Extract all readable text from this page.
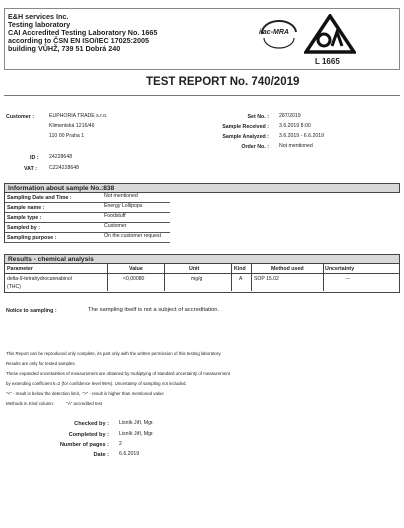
E&H services Inc.
Testing laboratory
CAI Accredited Testing Laboratory No. 1665
according to ČSN EN ISO/IEC 17025:2005
building VŮHŽ, 739 51 Dobrá 240
ilac-MRA
L 1665
TEST REPORT No. 740/2019
Customer :	EUPHORIA TRADE s.r.o.
Klimentská 1216/46
110 00 Praha 1
ID : 24228648
VAT : CZ24228648
Set No. : 287/2019
Sample Received : 3.6.2019 8:00
Sample Analyzed : 3.6.2019 - 6.6.2019
Order No. : Not mentioned
Information about sample No.:838
Sampling Date and Time :	Not mentioned
Sample name :	Energy Lollipops
Sample type :	Foodstuff
Sampled by :	Customer
Sampling purpose :	On the customer request
Results - chemical analysis
Parameter	Value	Unit	Kind	Method used	Uncertainty
delta-9-tetrahydrocannabinol
(THC)
<0,00080	mg/g	A SOP 15.02	---
Notice to sampling :	The sampling itself is not a subject of accreditation.
This Report can be reproduced only complete, its part only with the written permission of this testing laboratory.
Results are only for tested samples.
These expanded uncertainties of measurement are obtained by multiplying of standard uncertainty of measurement
by extending coefficient k=2 (for confidence level 95%). Uncertainty of sampling not included.
"<" - result is below the detection limit,  ">" - result is higher than mentioned value
Methods in Kind column:          "A" accredited test
Checked by : Lisník Jiří, Mgr.
Completed by : Lisník Jiří, Mgr.
Number of pages : 2
Date : 6.6.2019
